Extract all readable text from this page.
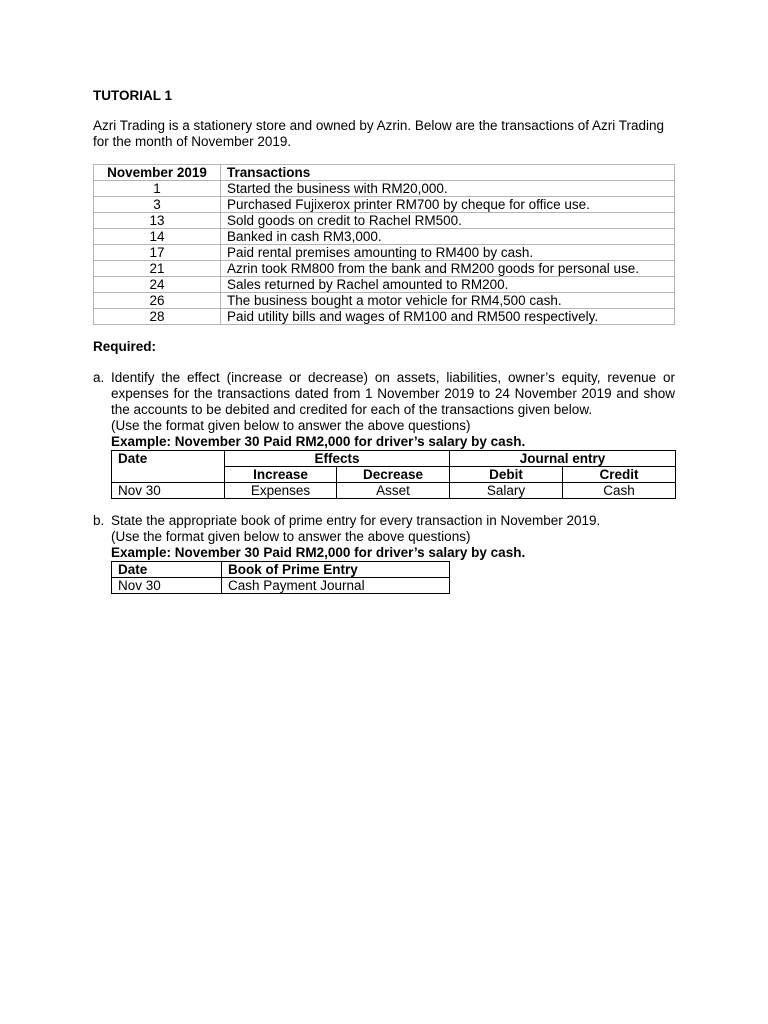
TUTORIAL 1

Azri Trading is a stationery store and owned by Azrin. Below are the transactions of Azri Trading for the month of November 2019.

November 2019	Transactions
1	Started the business with RM20,000.
3	Purchased Fujixerox printer RM700 by cheque for office use.
13	Sold goods on credit to Rachel RM500.
14	Banked in cash RM3,000.
17	Paid rental premises amounting to RM400 by cash.
21	Azrin took RM800 from the bank and RM200 goods for personal use.
24	Sales returned by Rachel amounted to RM200.
26	The business bought a motor vehicle for RM4,500 cash.
28	Paid utility bills and wages of RM100 and RM500 respectively.

Required:

a. Identify the effect (increase or decrease) on assets, liabilities, owner’s equity, revenue or expenses for the transactions dated from 1 November 2019 to 24 November 2019 and show the accounts to be debited and credited for each of the transactions given below.

(Use the format given below to answer the above questions)

Example: November 30 Paid RM2,000 for driver’s salary by cash.

Date	Effects		Journal entry	
	Increase	Decrease	Debit	Credit
Nov 30	Expenses	Asset	Salary	Cash
b. State the appropriate book of prime entry for every transaction in November 2019.

(Use the format given below to answer the above questions)

Example: November 30 Paid RM2,000 for driver’s salary by cash.

Date	Book of Prime Entry
Nov 30	Cash Payment Journal
